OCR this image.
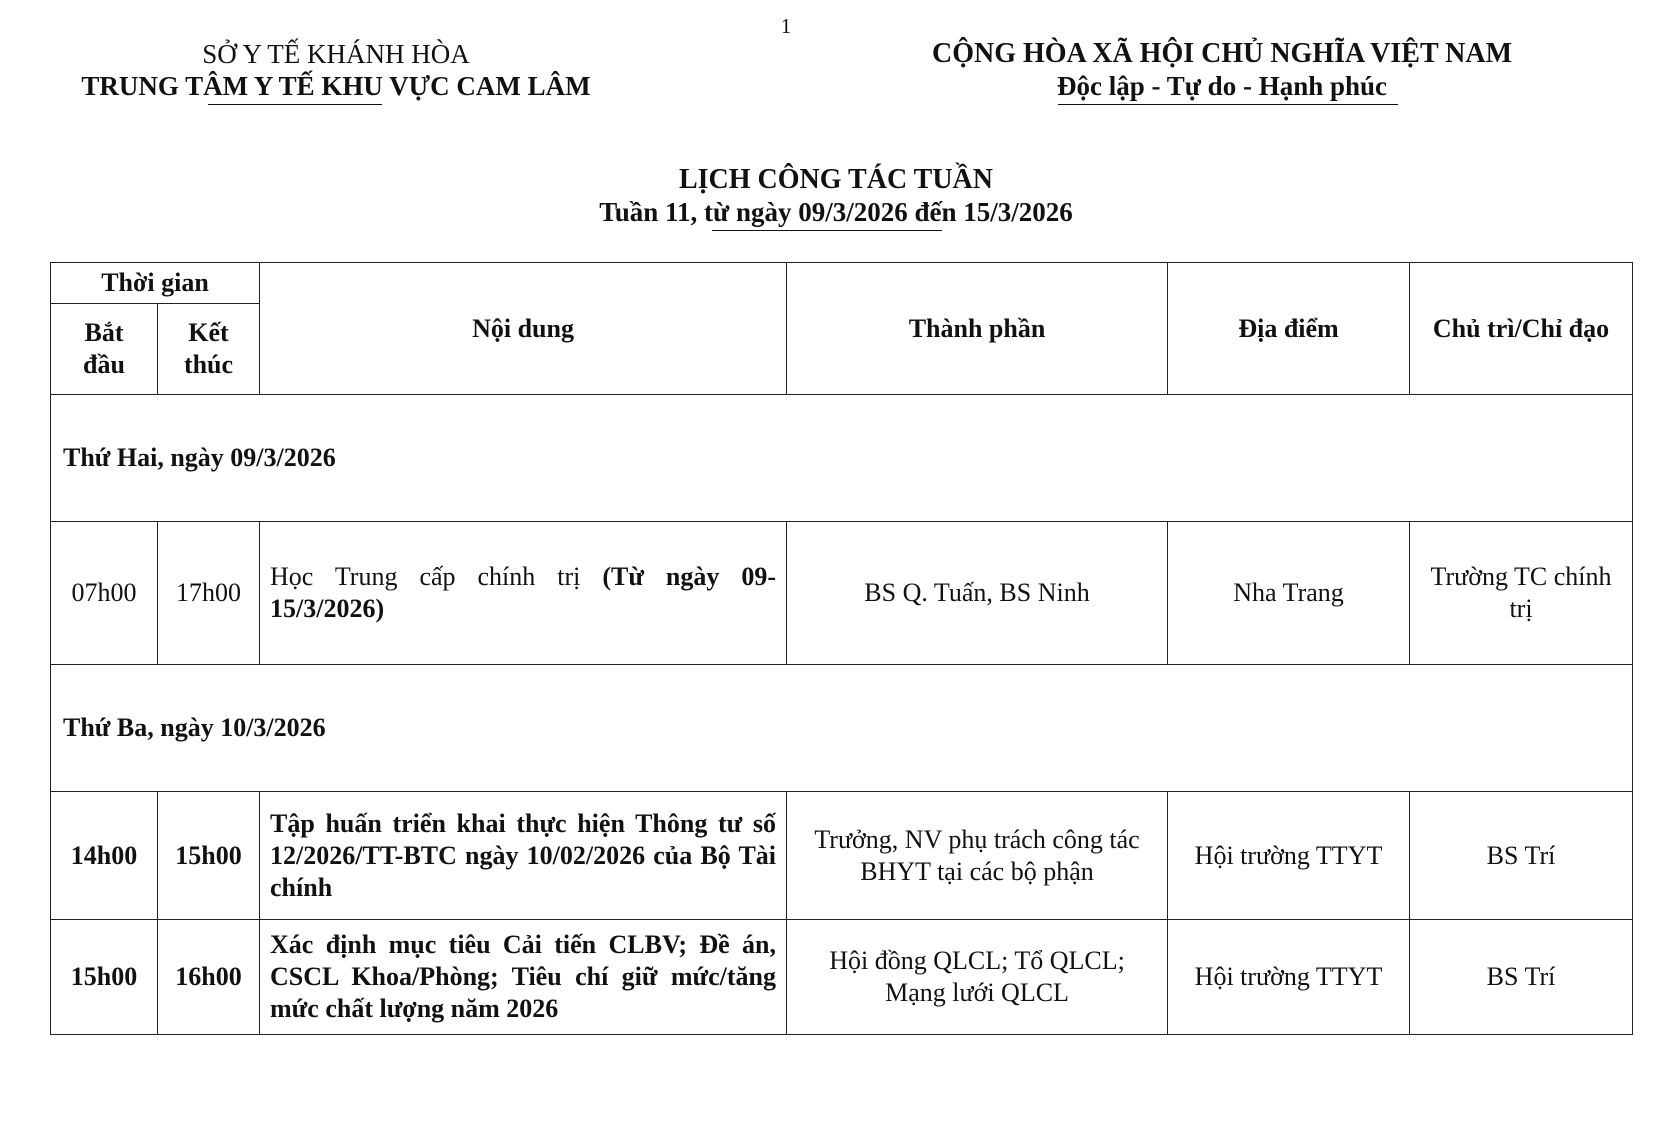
1
SỞ Y TẾ KHÁNH HÒA
TRUNG TÂM Y TẾ KHU VỰC CAM LÂM
CỘNG HÒA XÃ HỘI CHỦ NGHĨA VIỆT NAM
Độc lập - Tự do - Hạnh phúc
LỊCH CÔNG TÁC TUẦN
Tuần 11, từ ngày 09/3/2026 đến 15/3/2026
Thời gian		Nội dung	Thành phần	Địa điểm	Chủ trì/Chỉ đạo
Bắt đầu	Kết thúc				
Thứ Hai, ngày 09/3/2026					
07h00	17h00	Học Trung cấp chính trị (Từ ngày 09-15/3/2026)	BS Q. Tuấn, BS Ninh	Nha Trang	Trường TC chính trị
Thứ Ba, ngày 10/3/2026					
14h00	15h00	Tập huấn triển khai thực hiện Thông tư số 12/2026/TT-BTC ngày 10/02/2026 của Bộ Tài chính	Trưởng, NV phụ trách công tác BHYT tại các bộ phận	Hội trường TTYT	BS Trí
15h00	16h00	Xác định mục tiêu Cải tiến CLBV; Đề án, CSCL Khoa/Phòng; Tiêu chí giữ mức/tăng mức chất lượng năm 2026	Hội đồng QLCL; Tổ QLCL; Mạng lưới QLCL	Hội trường TTYT	BS Trí
